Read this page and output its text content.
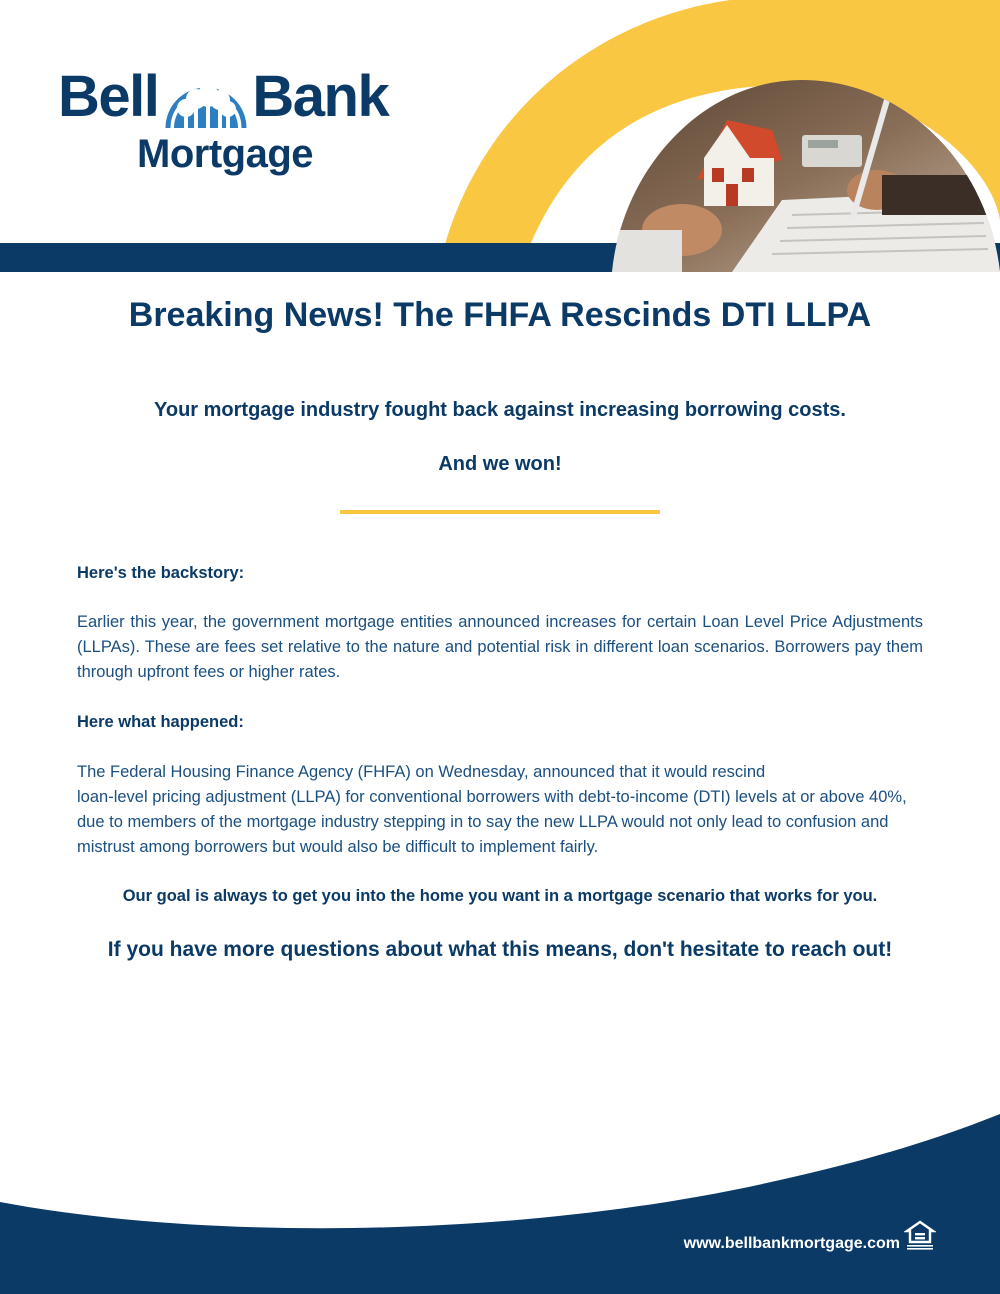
Bell Bank
Mortgage
Breaking News! The FHFA Rescinds DTI LLPA
Your mortgage industry fought back against increasing borrowing costs.
And we won!
Here's the backstory:
Earlier this year, the government mortgage entities announced increases for certain Loan Level Price Adjustments (LLPAs). These are fees set relative to the nature and potential risk in different loan scenarios. Borrowers pay them through upfront fees or higher rates.
Here what happened:
The Federal Housing Finance Agency (FHFA) on Wednesday, announced that it would rescind
loan-level pricing adjustment (LLPA) for conventional borrowers with debt-to-income (DTI) levels at or above 40%, due to members of the mortgage industry stepping in to say the new LLPA would not only lead to confusion and mistrust among borrowers but would also be difficult to implement fairly.
Our goal is always to get you into the home you want in a mortgage scenario that works for you.
If you have more questions about what this means, don't hesitate to reach out!
www.bellbankmortgage.com
